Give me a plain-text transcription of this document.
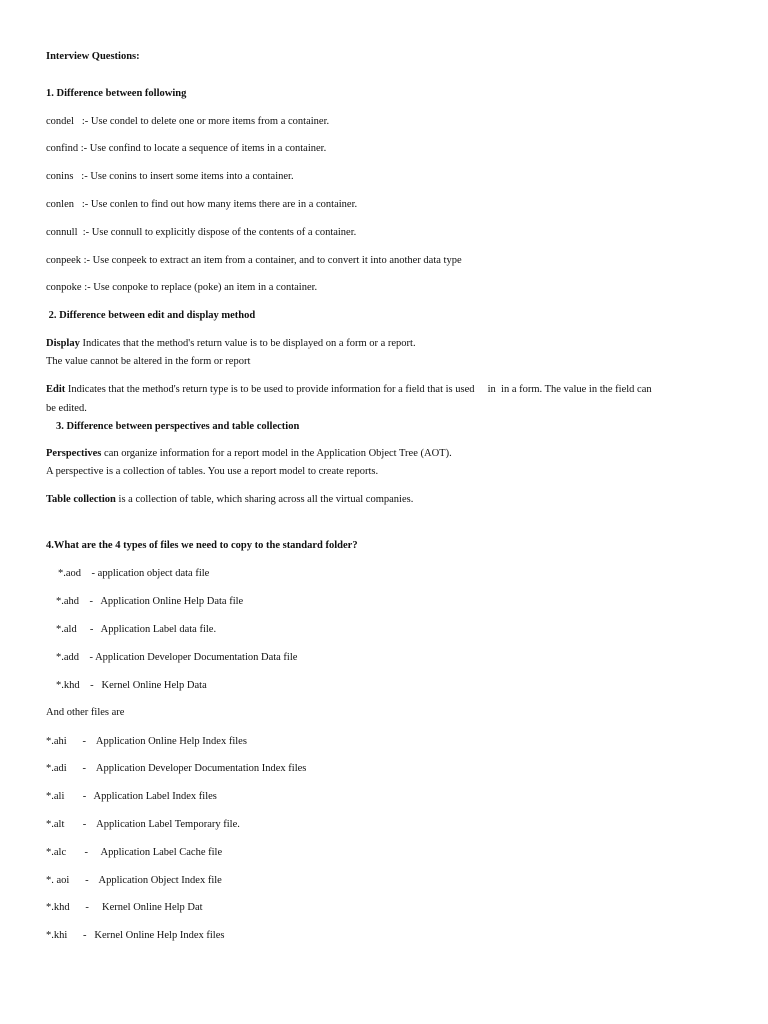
Interview Questions:
1. Difference between following
condel   :- Use condel to delete one or more items from a container.
confind :- Use confind to locate a sequence of items in a container.
conins   :- Use conins to insert some items into a container.
conlen   :- Use conlen to find out how many items there are in a container.
connull  :- Use connull to explicitly dispose of the contents of a container.
conpeek :- Use conpeek to extract an item from a container, and to convert it into another data type
conpoke :- Use conpoke to replace (poke) an item in a container.
2. Difference between edit and display method
Display Indicates that the method's return value is to be displayed on a form or a report.
The value cannot be altered in the form or report
Edit Indicates that the method's return type is to be used to provide information for a field that is used     in  in a form. The value in the field can
be edited.
3. Difference between perspectives and table collection
Perspectives can organize information for a report model in the Application Object Tree (AOT).
A perspective is a collection of tables. You use a report model to create reports.
Table collection is a collection of table, which sharing across all the virtual companies.
4.What are the 4 types of files we need to copy to the standard folder?
*.aod    - application object data file
*.ahd    -   Application Online Help Data file
*.ald     -   Application Label data file.
*.add    - Application Developer Documentation Data file
*.khd    -   Kernel Online Help Data
And other files are
*.ahi      -    Application Online Help Index files
*.adi      -    Application Developer Documentation Index files
*.ali       -   Application Label Index files
*.alt       -    Application Label Temporary file.
*.alc       -     Application Label Cache file
*. aoi      -    Application Object Index file
*.khd      -     Kernel Online Help Dat
*.khi      -   Kernel Online Help Index files
